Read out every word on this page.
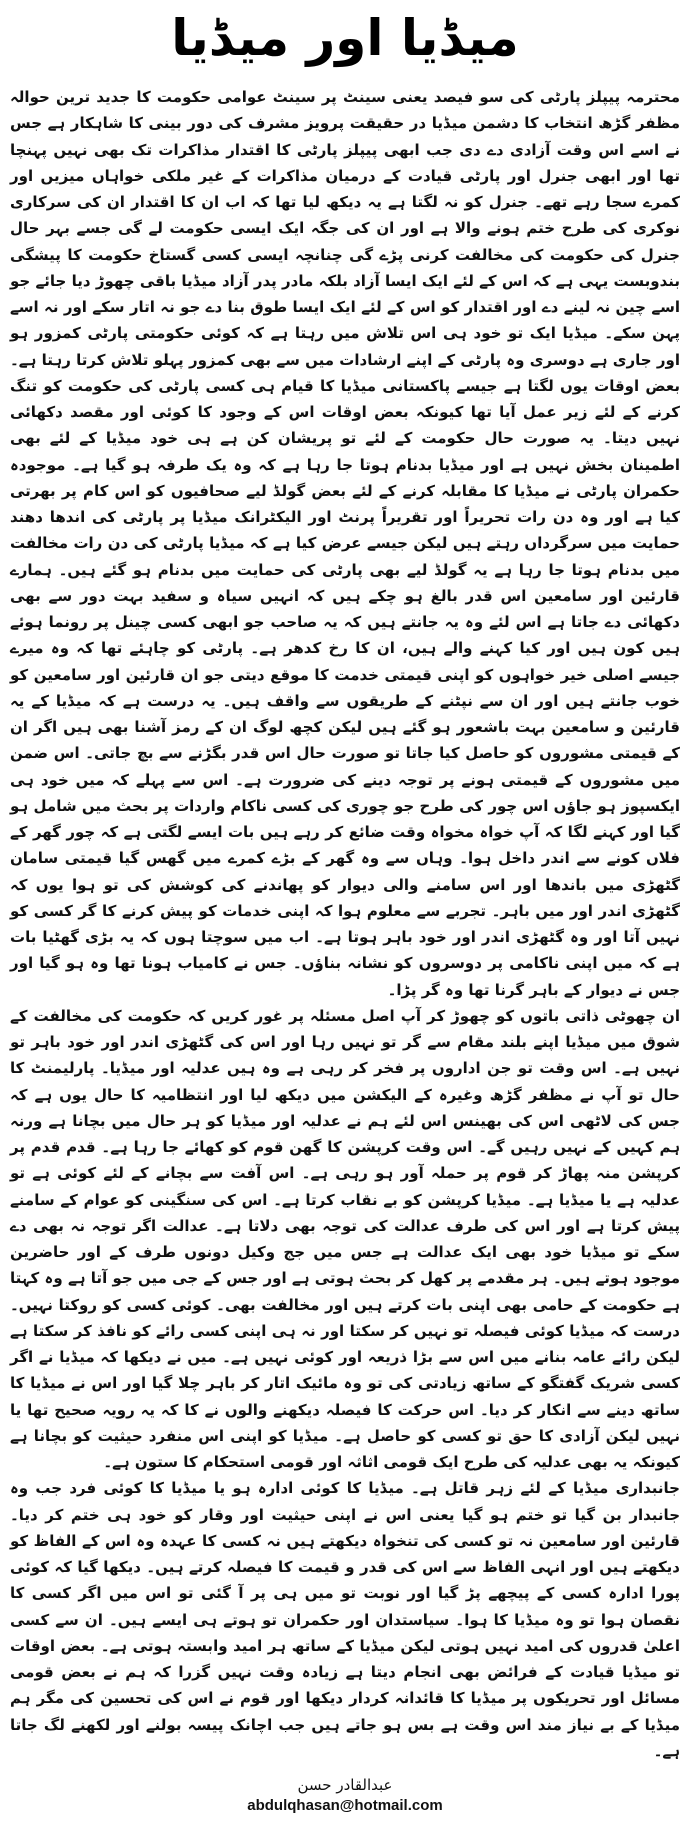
میڈیا اور میڈیا

محترمہ پیپلز پارٹی کی سو فیصد یعنی سینٹ پر سینٹ عوامی حکومت کا جدید ترین حوالہ مظفر گڑھ انتخاب کا دشمن میڈیا در حقیقت پرویز مشرف کی دور بینی کا شاہکار ہے جس نے اسے اس وقت آزادی دے دی جب ابھی پیپلز پارٹی کا اقتدار مذاکرات تک بھی نہیں پہنچا تھا اور ابھی جنرل اور پارٹی قیادت کے درمیان مذاکرات کے غیر ملکی خواہاں میزیں اور کمرے سجا رہے تھے۔ جنرل کو نہ لگتا ہے یہ دیکھ لیا تھا کہ اب ان کا اقتدار ان کی سرکاری نوکری کی طرح ختم ہونے والا ہے اور ان کی جگہ ایک ایسی حکومت لے گی جسے بہر حال جنرل کی حکومت کی مخالفت کرنی پڑے گی چنانچہ ایسی کسی گستاخ حکومت کا پیشگی بندوبست یہی ہے کہ اس کے لئے ایک ایسا آزاد بلکہ مادر پدر آزاد میڈیا باقی چھوڑ دیا جائے جو اسے چین نہ لینے دے اور اقتدار کو اس کے لئے ایک ایسا طوق بنا دے جو نہ اتار سکے اور نہ اسے پہن سکے۔ میڈیا ایک تو خود ہی اس تلاش میں رہتا ہے کہ کوئی حکومتی پارٹی کمزور ہو اور جاری ہے دوسری وہ پارٹی کے اپنے ارشادات میں سے بھی کمزور پہلو تلاش کرتا رہتا ہے۔ بعض اوقات یوں لگتا ہے جیسے پاکستانی میڈیا کا قیام ہی کسی پارٹی کی حکومت کو تنگ کرنے کے لئے زیر عمل آیا تھا کیونکہ بعض اوقات اس کے وجود کا کوئی اور مقصد دکھائی نہیں دیتا۔ یہ صورت حال حکومت کے لئے تو پریشان کن ہے ہی خود میڈیا کے لئے بھی اطمینان بخش نہیں ہے اور میڈیا بدنام ہوتا جا رہا ہے کہ وہ یک طرفہ ہو گیا ہے۔ موجودہ حکمران پارٹی نے میڈیا کا مقابلہ کرنے کے لئے بعض گولڈ لیے صحافیوں کو اس کام پر بھرتی کیا ہے اور وہ دن رات تحریراً اور تقریراً پرنٹ اور الیکٹرانک میڈیا پر پارٹی کی اندھا دھند حمایت میں سرگرداں رہتے ہیں لیکن جیسے عرض کیا ہے کہ میڈیا پارٹی کی دن رات مخالفت میں بدنام ہوتا جا رہا ہے یہ گولڈ لیے بھی پارٹی کی حمایت میں بدنام ہو گئے ہیں۔ ہمارے قارئین اور سامعین اس قدر بالغ ہو چکے ہیں کہ انہیں سیاہ و سفید بہت دور سے بھی دکھائی دے جاتا ہے اس لئے وہ یہ جانتے ہیں کہ یہ صاحب جو ابھی کسی چینل پر رونما ہوئے ہیں کون ہیں اور کیا کہنے والے ہیں، ان کا رخ کدھر ہے۔ پارٹی کو چاہئے تھا کہ وہ میرے جیسے اصلی خیر خواہوں کو اپنی قیمتی خدمت کا موقع دیتی جو ان قارئین اور سامعین کو خوب جانتے ہیں اور ان سے نپٹنے کے طریقوں سے واقف ہیں۔ یہ درست ہے کہ میڈیا کے یہ قارئین و سامعین بہت باشعور ہو گئے ہیں لیکن کچھ لوگ ان کے رمز آشنا بھی ہیں اگر ان کے قیمتی مشوروں کو حاصل کیا جاتا تو صورت حال اس قدر بگڑنے سے بچ جاتی۔ اس ضمن میں مشوروں کے قیمتی ہونے پر توجہ دینے کی ضرورت ہے۔ اس سے پہلے کہ میں خود ہی ایکسپوز ہو جاؤں اس چور کی طرح جو چوری کی کسی ناکام واردات پر بحث میں شامل ہو گیا اور کہنے لگا کہ آپ خواہ مخواہ وقت ضائع کر رہے ہیں بات ایسے لگتی ہے کہ چور گھر کے فلاں کونے سے اندر داخل ہوا۔ وہاں سے وہ گھر کے بڑے کمرے میں گھس گیا قیمتی سامان گٹھڑی میں باندھا اور اس سامنے والی دیوار کو پھاندنے کی کوشش کی تو ہوا یوں کہ گٹھڑی اندر اور میں باہر۔ تجربے سے معلوم ہوا کہ اپنی خدمات کو پیش کرنے کا گر کسی کو نہیں آتا اور وہ گٹھڑی اندر اور خود باہر ہوتا ہے۔ اب میں سوچتا ہوں کہ یہ بڑی گھٹیا بات ہے کہ میں اپنی ناکامی پر دوسروں کو نشانہ بناؤں۔ جس نے کامیاب ہونا تھا وہ ہو گیا اور جس نے دیوار کے باہر گرنا تھا وہ گر پڑا۔

ان چھوٹی ذاتی باتوں کو چھوڑ کر آپ اصل مسئلہ پر غور کریں کہ حکومت کی مخالفت کے شوق میں میڈیا اپنے بلند مقام سے گر تو نہیں رہا اور اس کی گٹھڑی اندر اور خود باہر تو نہیں ہے۔ اس وقت تو جن اداروں پر فخر کر رہی ہے وہ ہیں عدلیہ اور میڈیا۔ پارلیمنٹ کا حال تو آپ نے مظفر گڑھ وغیرہ کے الیکشن میں دیکھ لیا اور انتظامیہ کا حال یوں ہے کہ جس کی لاٹھی اس کی بھینس اس لئے ہم نے عدلیہ اور میڈیا کو ہر حال میں بچانا ہے ورنہ ہم کہیں کے نہیں رہیں گے۔ اس وقت کرپشن کا گھن قوم کو کھائے جا رہا ہے۔ قدم قدم پر کرپشن منہ پھاڑ کر قوم پر حملہ آور ہو رہی ہے۔ اس آفت سے بچانے کے لئے کوئی ہے تو عدلیہ ہے یا میڈیا ہے۔ میڈیا کرپشن کو بے نقاب کرتا ہے۔ اس کی سنگینی کو عوام کے سامنے پیش کرتا ہے اور اس کی طرف عدالت کی توجہ بھی دلاتا ہے۔ عدالت اگر توجہ نہ بھی دے سکے تو میڈیا خود بھی ایک عدالت ہے جس میں جج وکیل دونوں طرف کے اور حاضرین موجود ہوتے ہیں۔ ہر مقدمے پر کھل کر بحث ہوتی ہے اور جس کے جی میں جو آتا ہے وہ کہتا ہے حکومت کے حامی بھی اپنی بات کرتے ہیں اور مخالفت بھی۔ کوئی کسی کو روکتا نہیں۔ درست کہ میڈیا کوئی فیصلہ تو نہیں کر سکتا اور نہ ہی اپنی کسی رائے کو نافذ کر سکتا ہے لیکن رائے عامہ بنانے میں اس سے بڑا ذریعہ اور کوئی نہیں ہے۔ میں نے دیکھا کہ میڈیا نے اگر کسی شریک گفتگو کے ساتھ زیادتی کی تو وہ مائیک اتار کر باہر چلا گیا اور اس نے میڈیا کا ساتھ دینے سے انکار کر دیا۔ اس حرکت کا فیصلہ دیکھنے والوں نے کا کہ یہ رویہ صحیح تھا یا نہیں لیکن آزادی کا حق تو کسی کو حاصل ہے۔ میڈیا کو اپنی اس منفرد حیثیت کو بچانا ہے کیونکہ یہ بھی عدلیہ کی طرح ایک قومی اثاثہ اور قومی استحکام کا ستون ہے۔

جانبداری میڈیا کے لئے زہر قاتل ہے۔ میڈیا کا کوئی ادارہ ہو یا میڈیا کا کوئی فرد جب وہ جانبدار بن گیا تو ختم ہو گیا یعنی اس نے اپنی حیثیت اور وقار کو خود ہی ختم کر دیا۔ قارئین اور سامعین نہ تو کسی کی تنخواہ دیکھتے ہیں نہ کسی کا عہدہ وہ اس کے الفاظ کو دیکھتے ہیں اور انہی الفاظ سے اس کی قدر و قیمت کا فیصلہ کرتے ہیں۔ دیکھا گیا کہ کوئی پورا ادارہ کسی کے پیچھے پڑ گیا اور نوبت تو میں ہی پر آ گئی تو اس میں اگر کسی کا نقصان ہوا تو وہ میڈیا کا ہوا۔ سیاستدان اور حکمران تو ہوتے ہی ایسے ہیں۔ ان سے کسی اعلیٰ قدروں کی امید نہیں ہوتی لیکن میڈیا کے ساتھ ہر امید وابستہ ہوتی ہے۔ بعض اوقات تو میڈیا قیادت کے فرائض بھی انجام دیتا ہے زیادہ وقت نہیں گزرا کہ ہم نے بعض قومی مسائل اور تحریکوں پر میڈیا کا قائدانہ کردار دیکھا اور قوم نے اس کی تحسین کی مگر ہم میڈیا کے بے نیاز مند اس وقت ہے بس ہو جاتے ہیں جب اچانک پیسہ بولنے اور لکھنے لگ جاتا ہے۔

عبدالقادر حسن
abdulqhasan@hotmail.com
